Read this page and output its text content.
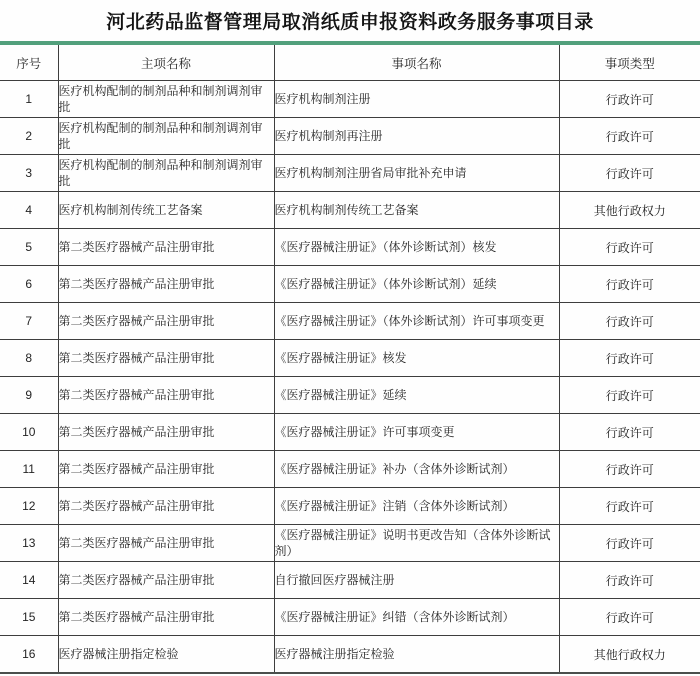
河北药品监督管理局取消纸质申报资料政务服务事项目录
序号	主项名称	事项名称	事项类型
1	医疗机构配制的制剂品种和制剂调剂审批	医疗机构制剂注册	行政许可
2	医疗机构配制的制剂品种和制剂调剂审批	医疗机构制剂再注册	行政许可
3	医疗机构配制的制剂品种和制剂调剂审批	医疗机构制剂注册省局审批补充申请	行政许可
4	医疗机构制剂传统工艺备案	医疗机构制剂传统工艺备案	其他行政权力
5	第二类医疗器械产品注册审批	《医疗器械注册证》（体外诊断试剂）核发	行政许可
6	第二类医疗器械产品注册审批	《医疗器械注册证》（体外诊断试剂）延续	行政许可
7	第二类医疗器械产品注册审批	《医疗器械注册证》（体外诊断试剂）许可事项变更	行政许可
8	第二类医疗器械产品注册审批	《医疗器械注册证》核发	行政许可
9	第二类医疗器械产品注册审批	《医疗器械注册证》延续	行政许可
10	第二类医疗器械产品注册审批	《医疗器械注册证》许可事项变更	行政许可
11	第二类医疗器械产品注册审批	《医疗器械注册证》补办（含体外诊断试剂）	行政许可
12	第二类医疗器械产品注册审批	《医疗器械注册证》注销（含体外诊断试剂）	行政许可
13	第二类医疗器械产品注册审批	《医疗器械注册证》说明书更改告知（含体外诊断试剂）	行政许可
14	第二类医疗器械产品注册审批	自行撤回医疗器械注册	行政许可
15	第二类医疗器械产品注册审批	《医疗器械注册证》纠错（含体外诊断试剂）	行政许可
16	医疗器械注册指定检验	医疗器械注册指定检验	其他行政权力
